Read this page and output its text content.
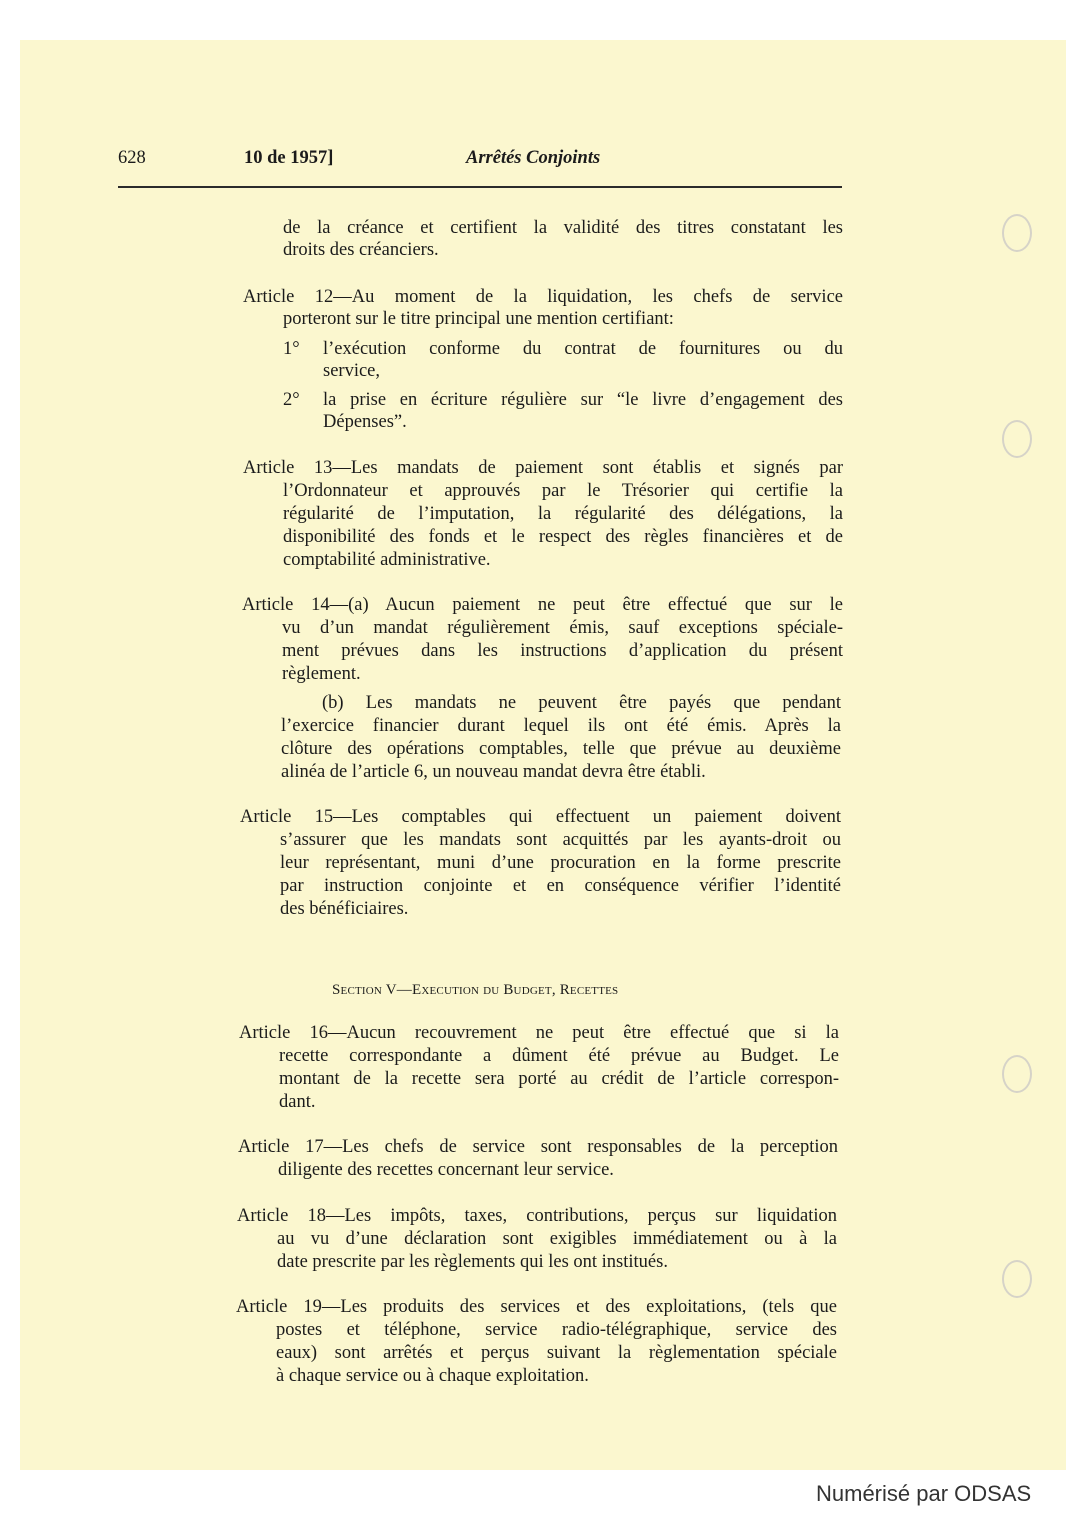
628	10 de 1957]	Arrêtés Conjoints
de la créance et certifient la validité des titres constatant les
droits des créanciers.
Article 12—Au moment de la liquidation, les chefs de service
porteront sur le titre principal une mention certifiant:
1° l’exécution conforme du contrat de fournitures ou du
service,
2° la prise en écriture régulière sur “le livre d’engagement des
Dépenses”.
Article 13—Les mandats de paiement sont établis et signés par
l’Ordonnateur et approuvés par le Trésorier qui certifie la
régularité de l’imputation, la régularité des délégations, la
disponibilité des fonds et le respect des règles financières et de
comptabilité administrative.
Article 14—(a) Aucun paiement ne peut être effectué que sur le
vu d’un mandat régulièrement émis, sauf exceptions spéciale-
ment prévues dans les instructions d’application du présent
règlement.
(b) Les mandats ne peuvent être payés que pendant
l’exercice financier durant lequel ils ont été émis. Après la
clôture des opérations comptables, telle que prévue au deuxième
alinéa de l’article 6, un nouveau mandat devra être établi.
Article 15—Les comptables qui effectuent un paiement doivent
s’assurer que les mandats sont acquittés par les ayants-droit ou
leur représentant, muni d’une procuration en la forme prescrite
par instruction conjointe et en conséquence vérifier l’identité
des bénéficiaires.
Section V—Execution du Budget, Recettes
Article 16—Aucun recouvrement ne peut être effectué que si la
recette correspondante a dûment été prévue au Budget. Le
montant de la recette sera porté au crédit de l’article correspon-
dant.
Article 17—Les chefs de service sont responsables de la perception
diligente des recettes concernant leur service.
Article 18—Les impôts, taxes, contributions, perçus sur liquidation
au vu d’une déclaration sont exigibles immédiatement ou à la
date prescrite par les règlements qui les ont institués.
Article 19—Les produits des services et des exploitations, (tels que
postes et téléphone, service radio-télégraphique, service des
eaux) sont arrêtés et perçus suivant la règlementation spéciale
à chaque service ou à chaque exploitation.
Numérisé par ODSAS
